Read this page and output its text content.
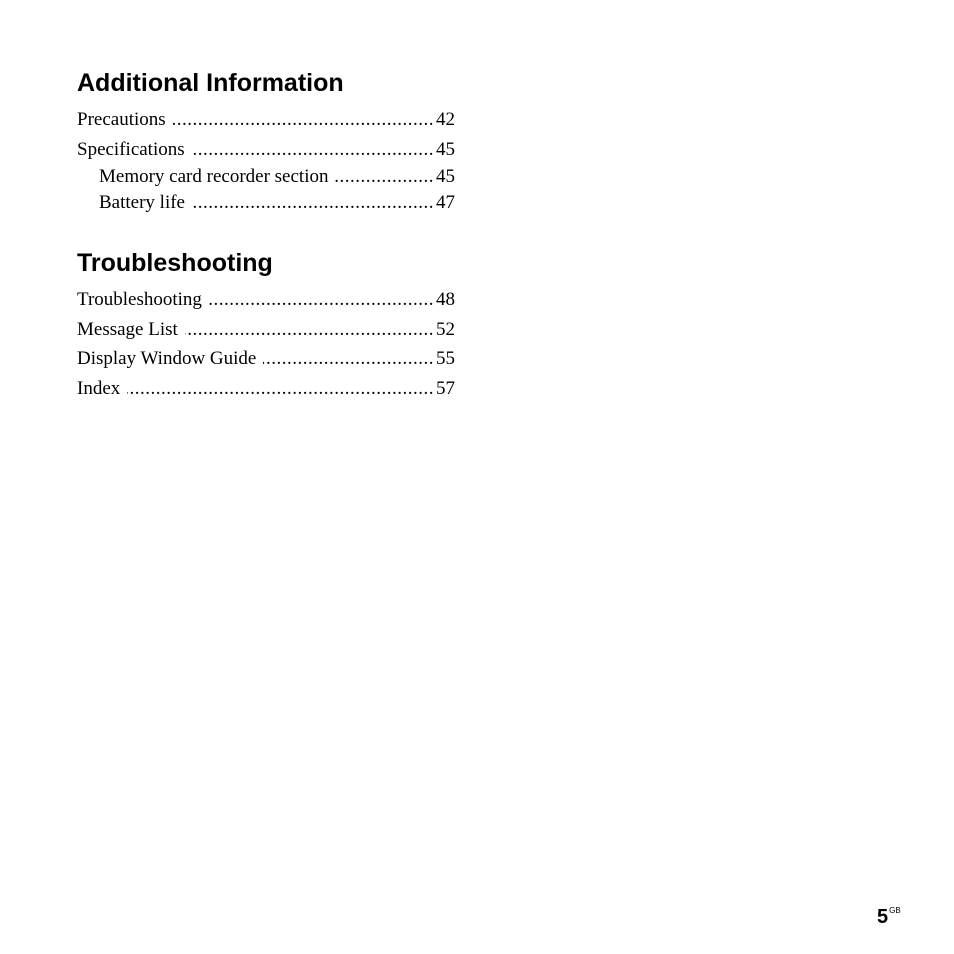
Additional Information
Precautions .....	42
Specifications .....	45
Memory card recorder section .....	45
Battery life .....	47
Troubleshooting
Troubleshooting .....	48
Message List .....	52
Display Window Guide .....	55
Index .....	57
$5^{GB}$
